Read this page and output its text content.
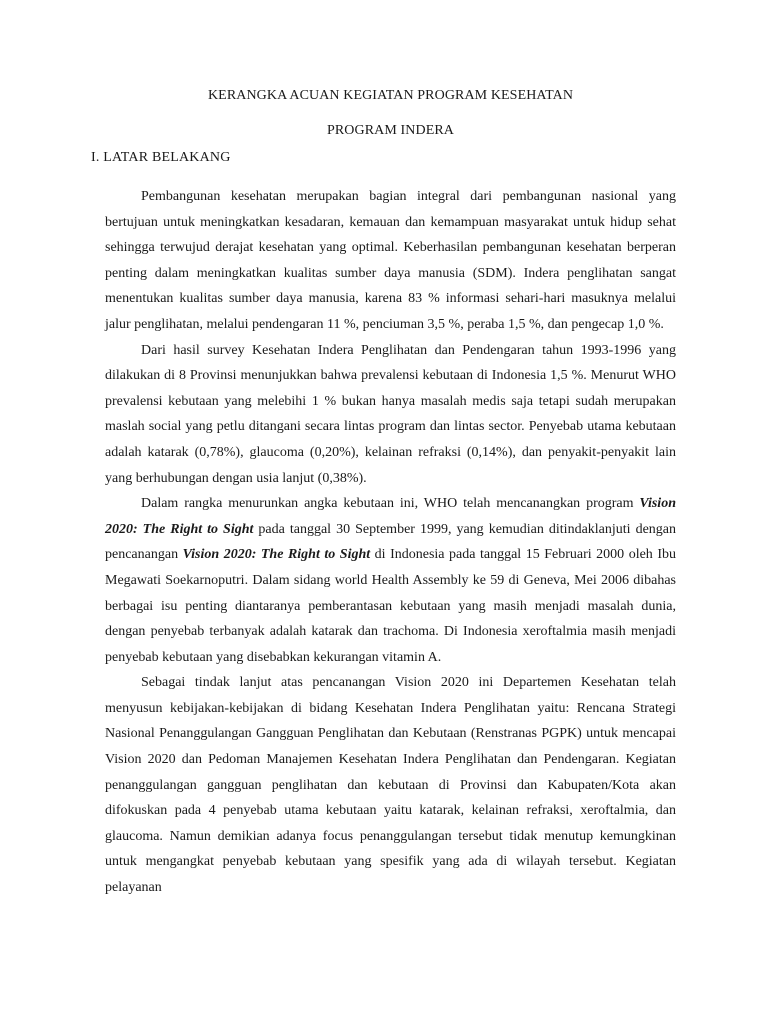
KERANGKA ACUAN KEGIATAN PROGRAM KESEHATAN

PROGRAM INDERA

I. LATAR BELAKANG

Pembangunan kesehatan merupakan bagian integral dari pembangunan nasional yang bertujuan untuk meningkatkan kesadaran, kemauan dan kemampuan masyarakat untuk hidup sehat sehingga terwujud derajat kesehatan yang optimal. Keberhasilan pembangunan kesehatan berperan penting dalam meningkatkan kualitas sumber daya manusia (SDM). Indera penglihatan sangat menentukan kualitas sumber daya manusia, karena 83 % informasi sehari-hari masuknya melalui jalur penglihatan, melalui pendengaran 11 %, penciuman 3,5 %, peraba 1,5 %, dan pengecap 1,0 %.

Dari hasil survey Kesehatan Indera Penglihatan dan Pendengaran tahun 1993-1996 yang dilakukan di 8 Provinsi menunjukkan bahwa prevalensi kebutaan di Indonesia 1,5 %. Menurut WHO prevalensi kebutaan yang melebihi 1 % bukan hanya masalah medis saja tetapi sudah merupakan maslah social yang petlu ditangani secara lintas program dan lintas sector. Penyebab utama kebutaan adalah katarak (0,78%), glaucoma (0,20%), kelainan refraksi (0,14%), dan penyakit-penyakit lain yang berhubungan dengan usia lanjut (0,38%).

Dalam rangka menurunkan angka kebutaan ini, WHO telah mencanangkan program Vision 2020: The Right to Sight pada tanggal 30 September 1999, yang kemudian ditindaklanjuti dengan pencanangan Vision 2020: The Right to Sight di Indonesia pada tanggal 15 Februari 2000 oleh Ibu Megawati Soekarnoputri. Dalam sidang world Health Assembly ke 59 di Geneva, Mei 2006 dibahas berbagai isu penting diantaranya pemberantasan kebutaan yang masih menjadi masalah dunia, dengan penyebab terbanyak adalah katarak dan trachoma. Di Indonesia xeroftalmia masih menjadi penyebab kebutaan yang disebabkan kekurangan vitamin A.

Sebagai tindak lanjut atas pencanangan Vision 2020 ini Departemen Kesehatan telah menyusun kebijakan-kebijakan di bidang Kesehatan Indera Penglihatan yaitu: Rencana Strategi Nasional Penanggulangan Gangguan Penglihatan dan Kebutaan (Renstranas PGPK) untuk mencapai Vision 2020 dan Pedoman Manajemen Kesehatan Indera Penglihatan dan Pendengaran. Kegiatan penanggulangan gangguan penglihatan dan kebutaan di Provinsi dan Kabupaten/Kota akan difokuskan pada 4 penyebab utama kebutaan yaitu katarak, kelainan refraksi, xeroftalmia, dan glaucoma. Namun demikian adanya focus penanggulangan tersebut tidak menutup kemungkinan untuk mengangkat penyebab kebutaan yang spesifik yang ada di wilayah tersebut. Kegiatan pelayanan
